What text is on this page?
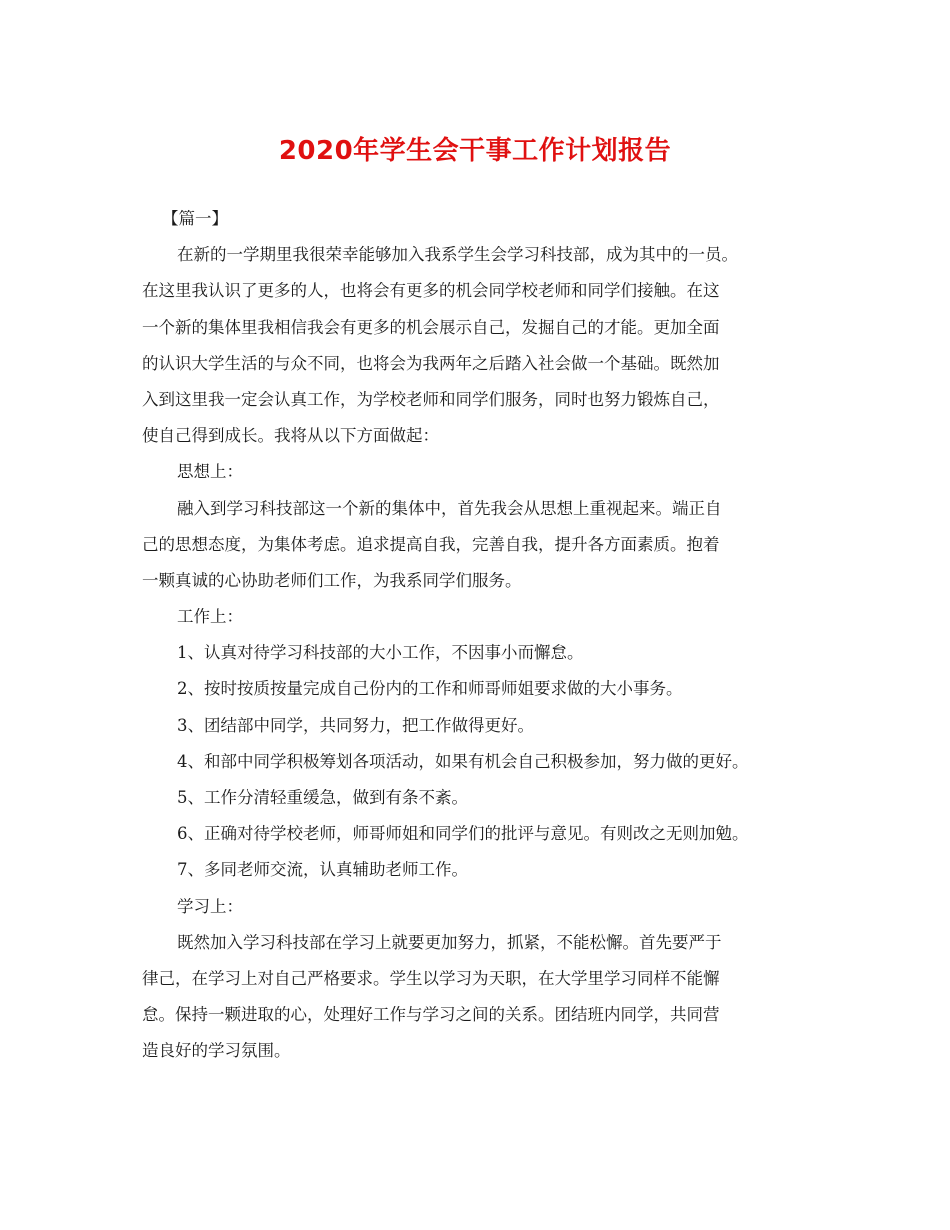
2020年学生会干事工作计划报告
【篇一】
在新的一学期里我很荣幸能够加入我系学生会学习科技部，成为其中的一员。
在这里我认识了更多的人，也将会有更多的机会同学校老师和同学们接触。在这
一个新的集体里我相信我会有更多的机会展示自己，发掘自己的才能。更加全面
的认识大学生活的与众不同，也将会为我两年之后踏入社会做一个基础。既然加
入到这里我一定会认真工作，为学校老师和同学们服务，同时也努力锻炼自己，
使自己得到成长。我将从以下方面做起：
思想上：
融入到学习科技部这一个新的集体中，首先我会从思想上重视起来。端正自
己的思想态度，为集体考虑。追求提高自我，完善自我，提升各方面素质。抱着
一颗真诚的心协助老师们工作，为我系同学们服务。
工作上：
1、认真对待学习科技部的大小工作，不因事小而懈怠。
2、按时按质按量完成自己份内的工作和师哥师姐要求做的大小事务。
3、团结部中同学，共同努力，把工作做得更好。
4、和部中同学积极筹划各项活动，如果有机会自己积极参加，努力做的更好。
5、工作分清轻重缓急，做到有条不紊。
6、正确对待学校老师，师哥师姐和同学们的批评与意见。有则改之无则加勉。
7、多同老师交流，认真辅助老师工作。
学习上：
既然加入学习科技部在学习上就要更加努力，抓紧，不能松懈。首先要严于
律己，在学习上对自己严格要求。学生以学习为天职，在大学里学习同样不能懈
怠。保持一颗进取的心，处理好工作与学习之间的关系。团结班内同学，共同营
造良好的学习氛围。
